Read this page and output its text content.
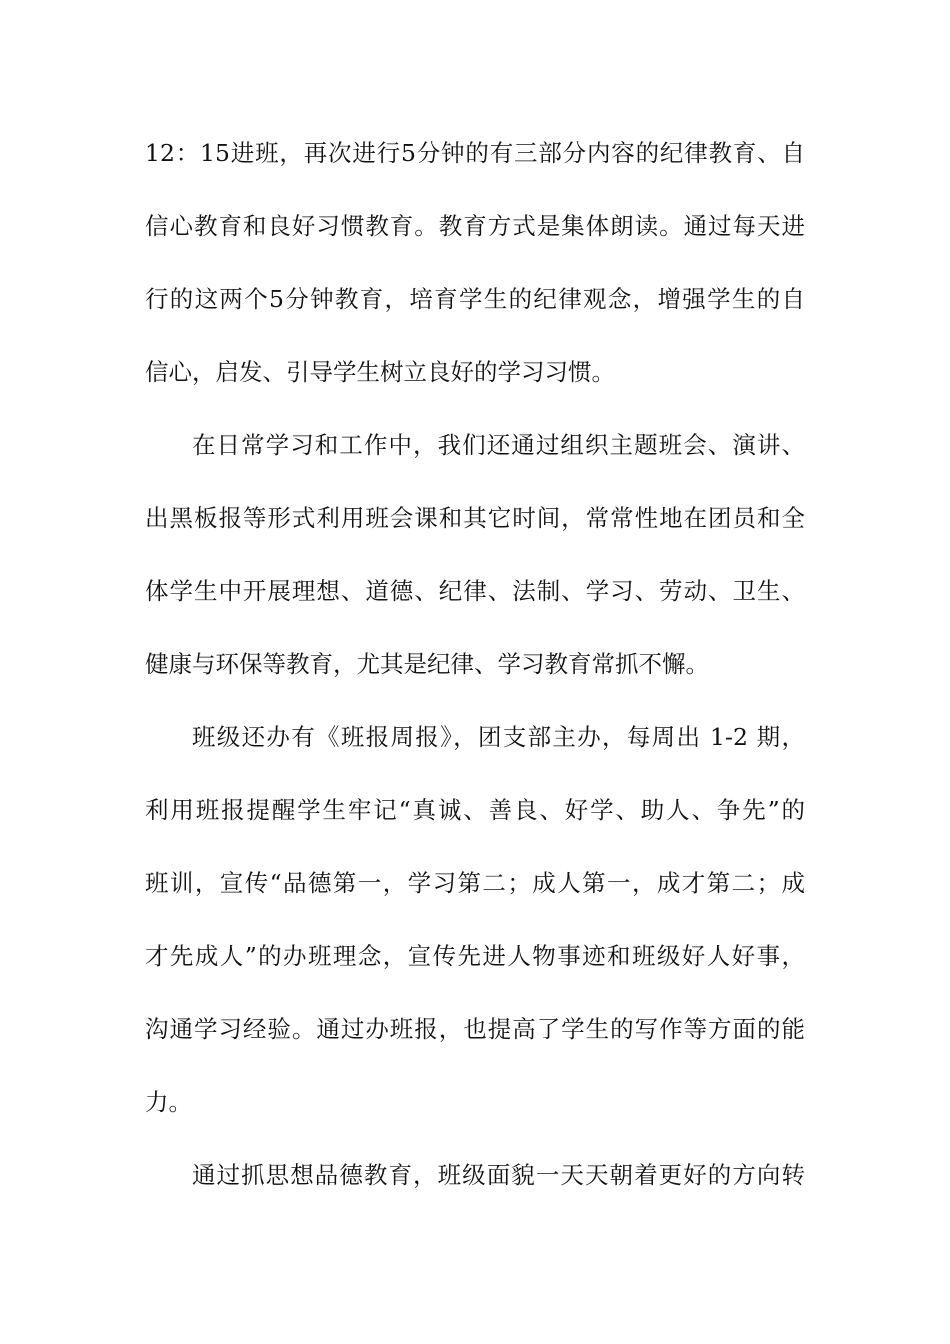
12：15进班，再次进行5分钟的有三部分内容的纪律教育、自
信心教育和良好习惯教育。教育方式是集体朗读。通过每天进
行的这两个5分钟教育，培育学生的纪律观念，增强学生的自
信心，启发、引导学生树立良好的学习习惯。
在日常学习和工作中，我们还通过组织主题班会、演讲、
出黑板报等形式利用班会课和其它时间，常常性地在团员和全
体学生中开展理想、道德、纪律、法制、学习、劳动、卫生、
健康与环保等教育，尤其是纪律、学习教育常抓不懈。
班级还办有《班报周报》，团支部主办，每周出 1-2 期，
利用班报提醒学生牢记“真诚、善良、好学、助人、争先”的
班训，宣传“品德第一，学习第二；成人第一，成才第二；成
才先成人”的办班理念，宣传先进人物事迹和班级好人好事，
沟通学习经验。通过办班报，也提高了学生的写作等方面的能
力。
通过抓思想品德教育，班级面貌一天天朝着更好的方向转
